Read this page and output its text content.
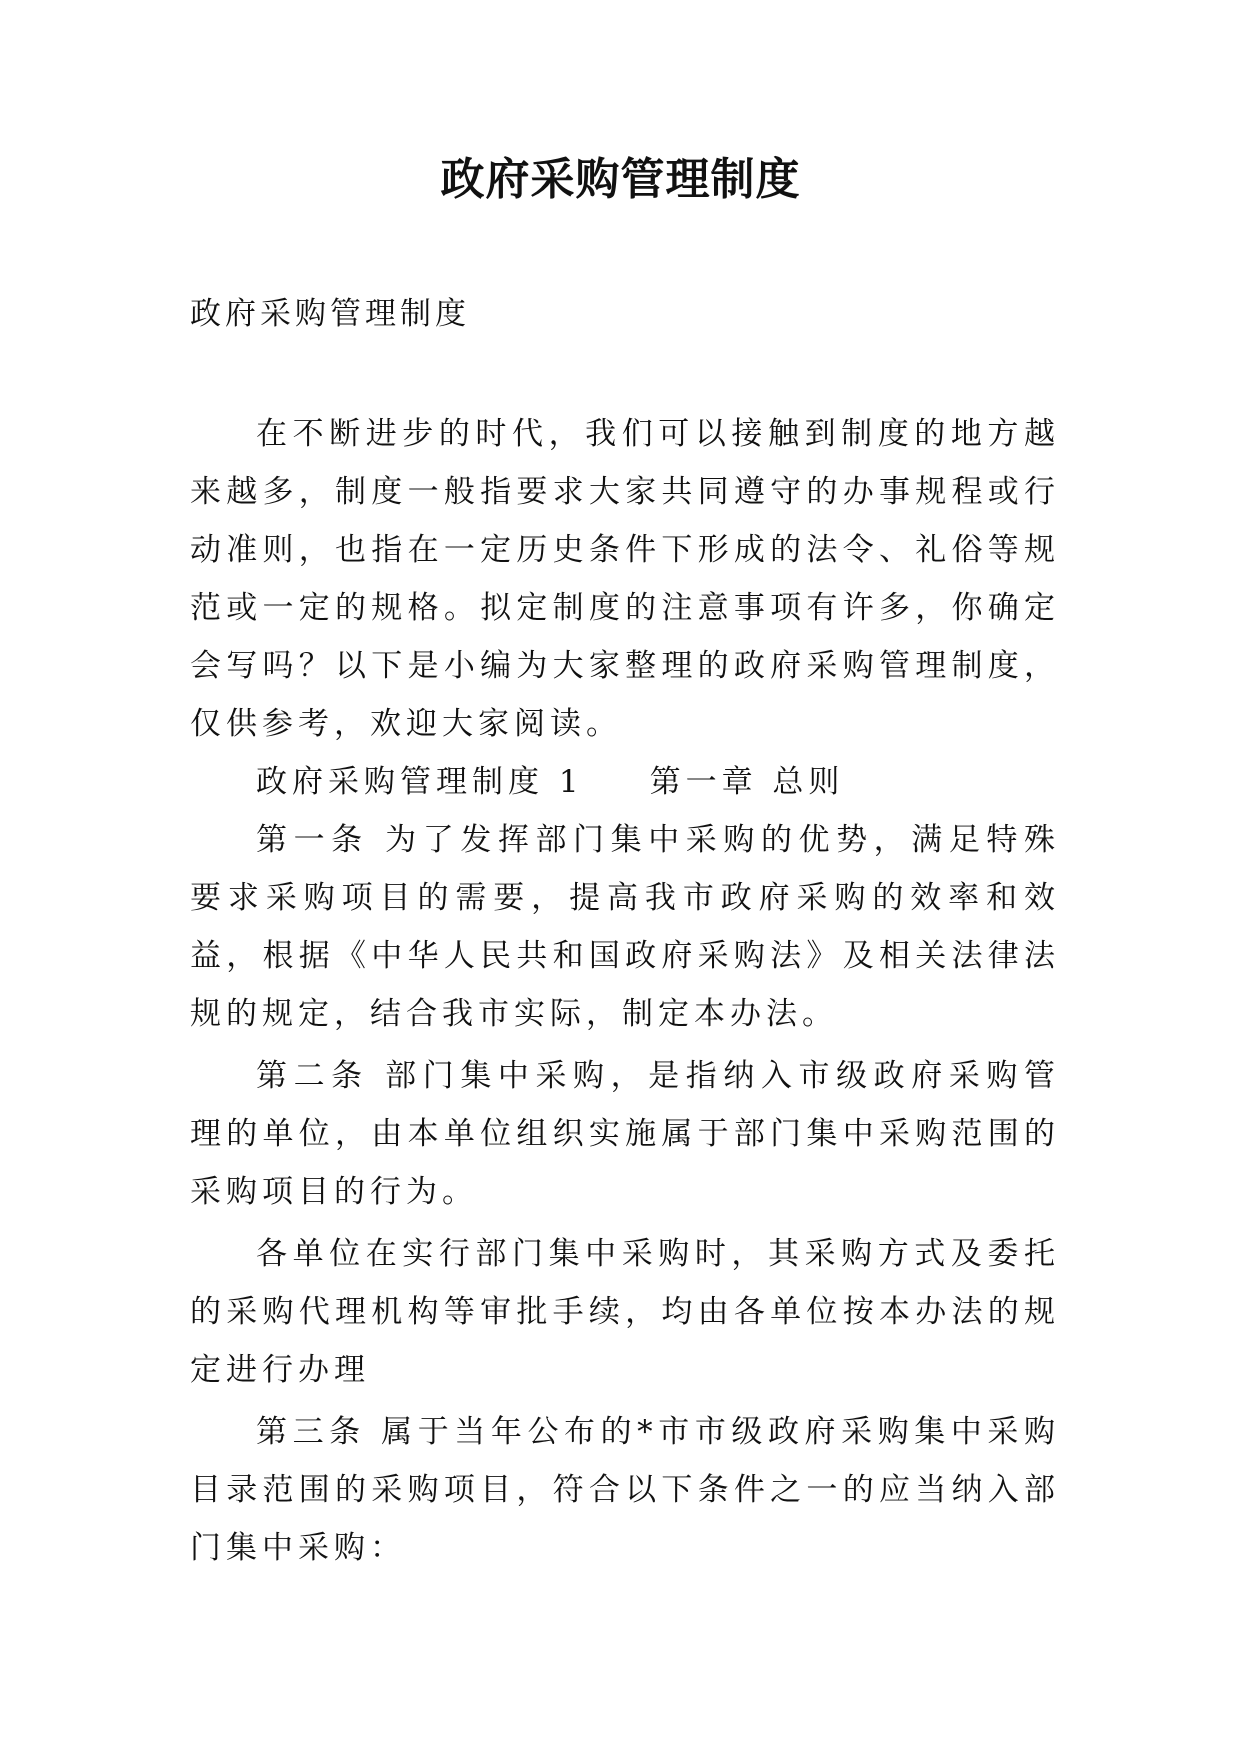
政府采购管理制度

政府采购管理制度

在不断进步的时代，我们可以接触到制度的地方越来越多，制度一般指要求大家共同遵守的办事规程或行动准则，也指在一定历史条件下形成的法令、礼俗等规范或一定的规格。拟定制度的注意事项有许多，你确定会写吗？以下是小编为大家整理的政府采购管理制度，仅供参考，欢迎大家阅读。

政府采购管理制度 1 第一章 总则

第一条 为了发挥部门集中采购的优势，满足特殊要求采购项目的需要，提高我市政府采购的效率和效益，根据《中华人民共和国政府采购法》及相关法律法规的规定，结合我市实际，制定本办法。

第二条 部门集中采购，是指纳入市级政府采购管理的单位，由本单位组织实施属于部门集中采购范围的采购项目的行为。

各单位在实行部门集中采购时，其采购方式及委托的采购代理机构等审批手续，均由各单位按本办法的规定进行办理

第三条 属于当年公布的*市市级政府采购集中采购目录范围的采购项目，符合以下条件之一的应当纳入部门集中采购：
